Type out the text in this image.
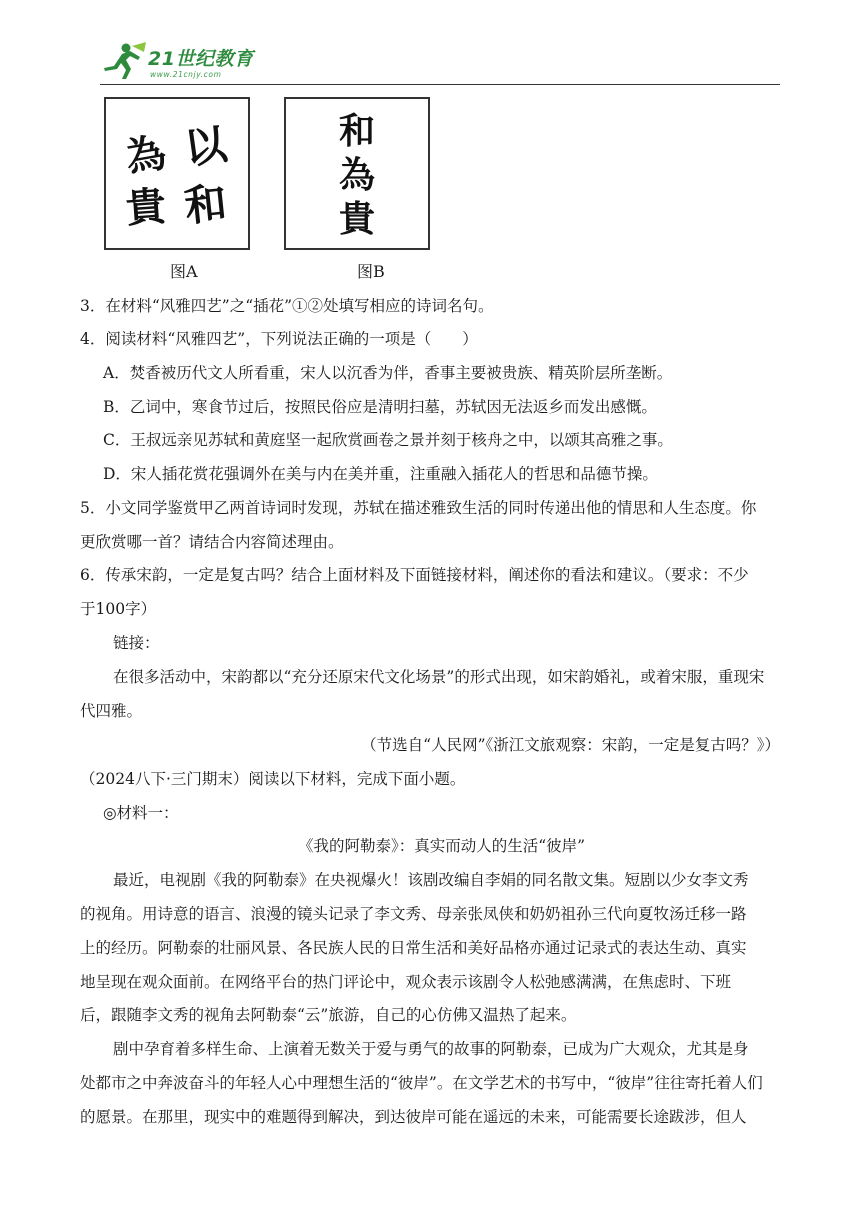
21世纪教育
www.21cnjy.com
以
和
為
貴
和
為
貴
图A	图B
3．在材料“风雅四艺”之“插花”①②处填写相应的诗词名句。
4．阅读材料“风雅四艺”，下列说法正确的一项是（　　）
A．焚香被历代文人所看重，宋人以沉香为伴，香事主要被贵族、精英阶层所垄断。
B．乙词中，寒食节过后，按照民俗应是清明扫墓，苏轼因无法返乡而发出感慨。
C．王叔远亲见苏轼和黄庭坚一起欣赏画卷之景并刻于核舟之中，以颂其高雅之事。
D．宋人插花赏花强调外在美与内在美并重，注重融入插花人的哲思和品德节操。
5．小文同学鉴赏甲乙两首诗词时发现，苏轼在描述雅致生活的同时传递出他的情思和人生态度。你
更欣赏哪一首？请结合内容简述理由。
6．传承宋韵，一定是复古吗？结合上面材料及下面链接材料，阐述你的看法和建议。（要求：不少
于100字）
链接：
在很多活动中，宋韵都以“充分还原宋代文化场景”的形式出现，如宋韵婚礼，或着宋服，重现宋
代四雅。
（节选自“人民网”《浙江文旅观察：宋韵，一定是复古吗？》）
（2024八下·三门期末）阅读以下材料，完成下面小题。
◎材料一：
《我的阿勒泰》：真实而动人的生活“彼岸”
最近，电视剧《我的阿勒泰》在央视爆火！该剧改编自李娟的同名散文集。短剧以少女李文秀
的视角。用诗意的语言、浪漫的镜头记录了李文秀、母亲张凤侠和奶奶祖孙三代向夏牧汤迁移一路
上的经历。阿勒泰的壮丽风景、各民族人民的日常生活和美好品格亦通过记录式的表达生动、真实
地呈现在观众面前。在网络平台的热门评论中，观众表示该剧令人松弛感满满，在焦虑时、下班
后，跟随李文秀的视角去阿勒泰“云”旅游，自己的心仿佛又温热了起来。
剧中孕育着多样生命、上演着无数关于爱与勇气的故事的阿勒泰，已成为广大观众，尤其是身
处都市之中奔波奋斗的年轻人心中理想生活的“彼岸”。在文学艺术的书写中，“彼岸”往往寄托着人们
的愿景。在那里，现实中的难题得到解决，到达彼岸可能在遥远的未来，可能需要长途跋涉，但人
